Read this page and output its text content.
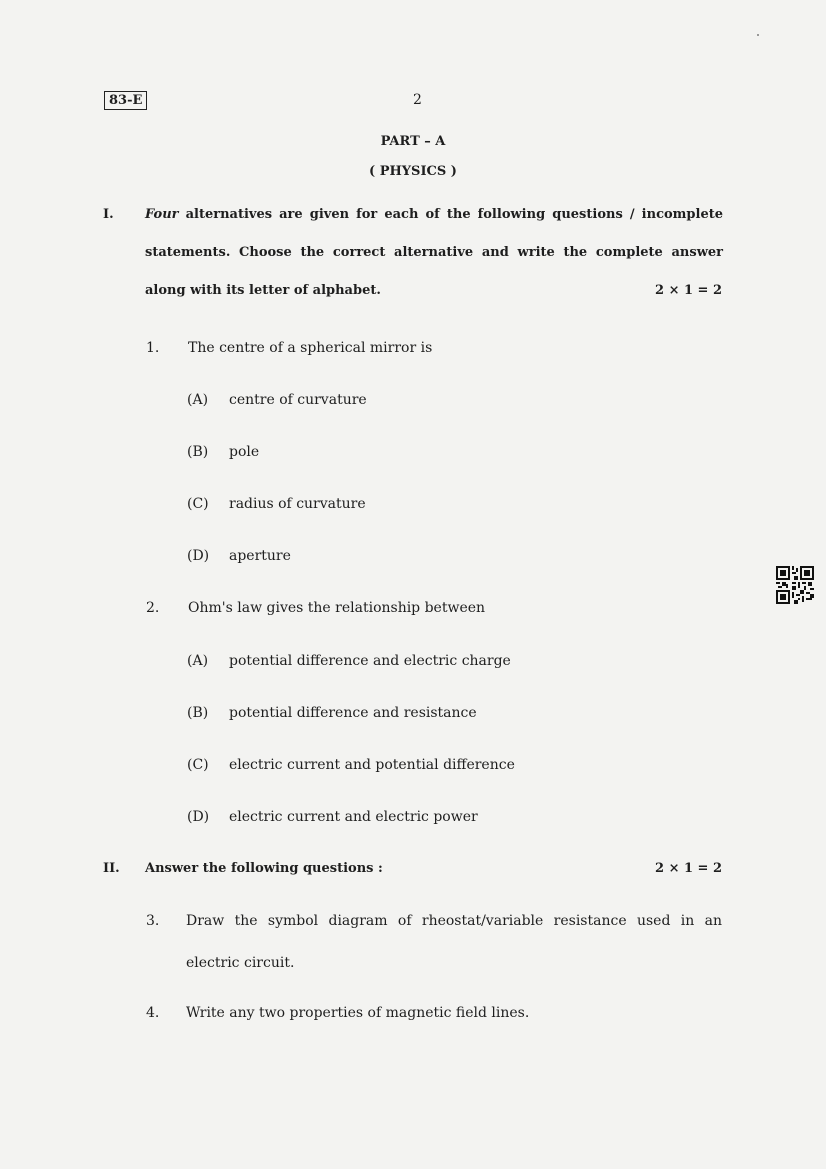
83-E	2
PART – A
( PHYSICS )
I. Four alternatives are given for each of the following questions / incomplete
statements. Choose the correct alternative and write the complete answer
along with its letter of alphabet.	2 × 1 = 2
1. The centre of a spherical mirror is
(A) centre of curvature
(B) pole
(C) radius of curvature
(D) aperture
2. Ohm's law gives the relationship between
(A) potential difference and electric charge
(B) potential difference and resistance
(C) electric current and potential difference
(D) electric current and electric power
II. Answer the following questions :	2 × 1 = 2
3. Draw the symbol diagram of rheostat/variable resistance used in an
electric circuit.
4. Write any two properties of magnetic field lines.
